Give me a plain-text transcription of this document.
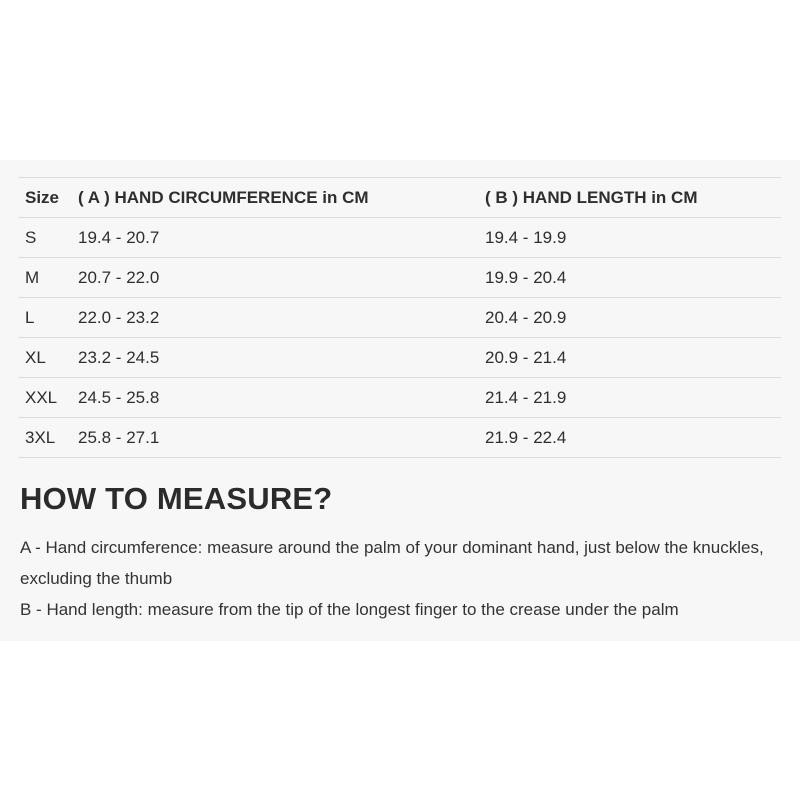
Size	( A ) HAND CIRCUMFERENCE in CM	( B ) HAND LENGTH in CM
S	19.4 - 20.7	19.4 - 19.9
M	20.7 - 22.0	19.9 - 20.4
L	22.0 - 23.2	20.4 - 20.9
XL	23.2 - 24.5	20.9 - 21.4
XXL	24.5 - 25.8	21.4 - 21.9
3XL	25.8 - 27.1	21.9 - 22.4
HOW TO MEASURE?

A - Hand circumference: measure around the palm of your dominant hand, just below the knuckles, excluding the thumb

B - Hand length: measure from the tip of the longest finger to the crease under the palm
